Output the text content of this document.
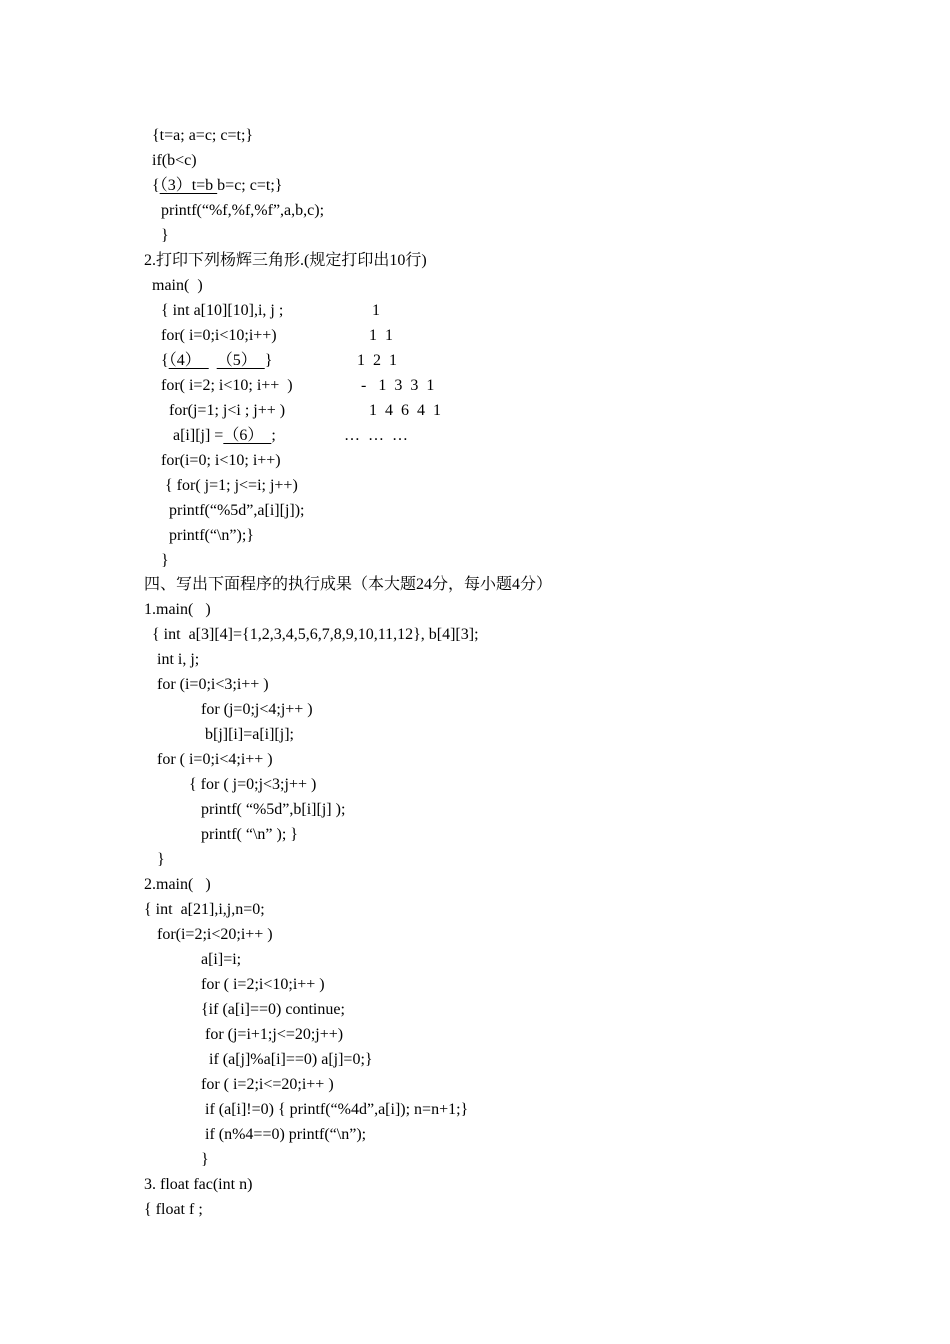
{t=a; a=c; c=t;}
if(b<c)
{（3）t=b b=c; c=t;}
printf(“%f,%f,%f”,a,b,c);
}
2.打印下列杨辉三角形.(规定打印出10行)
main(  )
{ int a[10][10],i, j ;
for( i=0;i<10;i++)
{（4）    （5）  }
for( i=2; i<10; i++  )
for(j=1; j<i ; j++ )
a[i][j] =（6）  ;
for(i=0; i<10; i++)
{ for( j=1; j<=i; j++)
printf(“%5d”,a[i][j]);
printf(“\n”);}
}
1
1  1
1  2  1
-   1  3  3  1
1  4  6  4  1
…  …  …
四、写出下面程序的执行成果（本大题24分，每小题4分）
1.main(   )
{ int  a[3][4]={1,2,3,4,5,6,7,8,9,10,11,12}, b[4][3];
int i, j;
for (i=0;i<3;i++ )
for (j=0;j<4;j++ )
b[j][i]=a[i][j];
for ( i=0;i<4;i++ )
{ for ( j=0;j<3;j++ )
printf( “%5d”,b[i][j] );
printf( “\n” ); }
}
2.main(   )
{ int  a[21],i,j,n=0;
for(i=2;i<20;i++ )
a[i]=i;
for ( i=2;i<10;i++ )
{if (a[i]==0) continue;
for (j=i+1;j<=20;j++)
if (a[j]%a[i]==0) a[j]=0;}
for ( i=2;i<=20;i++ )
if (a[i]!=0) { printf(“%4d”,a[i]); n=n+1;}
if (n%4==0) printf(“\n”);
}
3. float fac(int n)
{ float f ;
